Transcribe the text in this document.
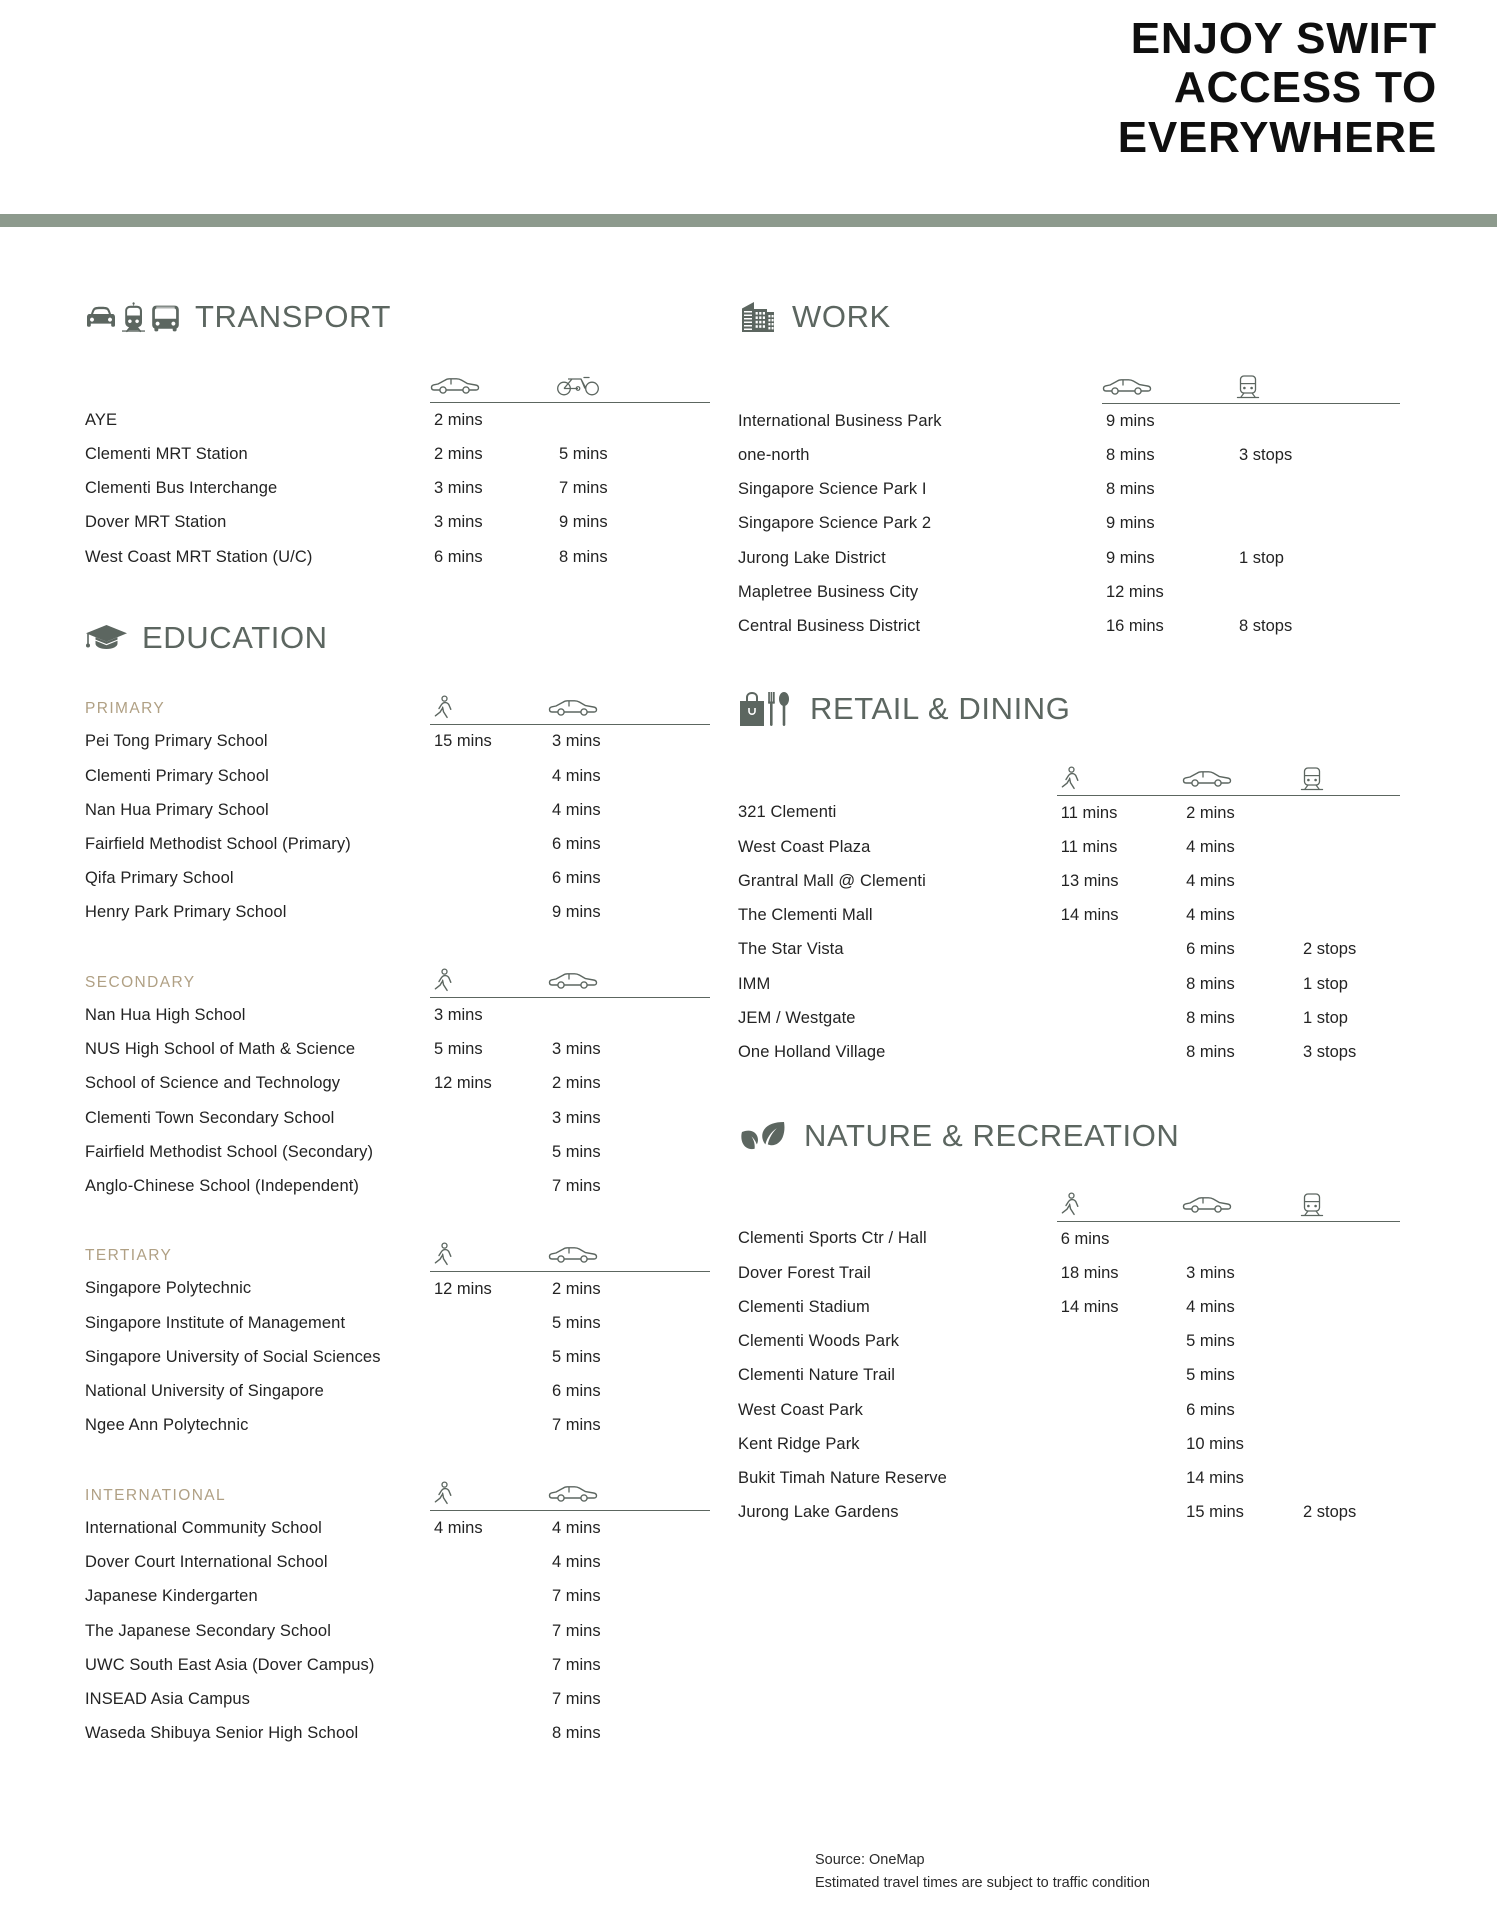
ENJOY SWIFT
ACCESS TO
EVERYWHERE
TRANSPORT

AYE	2 mins	
Clementi MRT Station	2 mins	5 mins
Clementi Bus Interchange	3 mins	7 mins
Dover MRT Station	3 mins	9 mins
West Coast MRT Station (U/C)	6 mins	8 mins
EDUCATION
PRIMARY	

Pei Tong Primary School	15 mins	3 mins
Clementi Primary School		4 mins
Nan Hua Primary School		4 mins
Fairfield Methodist School (Primary)		6 mins
Qifa Primary School		6 mins
Henry Park Primary School		9 mins

SECONDARY	

Nan Hua High School	3 mins	
NUS High School of Math & Science	5 mins	3 mins
School of Science and Technology	12 mins	2 mins
Clementi Town Secondary School		3 mins
Fairfield Methodist School (Secondary)		5 mins
Anglo-Chinese School (Independent)		7 mins

TERTIARY	

Singapore Polytechnic	12 mins	2 mins
Singapore Institute of Management		5 mins
Singapore University of Social Sciences		5 mins
National University of Singapore		6 mins
Ngee Ann Polytechnic		7 mins

INTERNATIONAL	

International Community School	4 mins	4 mins
Dover Court International School		4 mins
Japanese Kindergarten		7 mins
The Japanese Secondary School		7 mins
UWC South East Asia (Dover Campus)		7 mins
INSEAD Asia Campus		7 mins
Waseda Shibuya Senior High School		8 mins
WORK

International Business Park	9 mins	
one-north	8 mins	3 stops
Singapore Science Park I	8 mins	
Singapore Science Park 2	9 mins	
Jurong Lake District	9 mins	1 stop
Mapletree Business City	12 mins	
Central Business District	16 mins	8 stops
RETAIL & DINING

321 Clementi	11 mins	2 mins	
West Coast Plaza	11 mins	4 mins	
Grantral Mall @ Clementi	13 mins	4 mins	
The Clementi Mall	14 mins	4 mins	
The Star Vista		6 mins	2 stops
IMM		8 mins	1 stop
JEM / Westgate		8 mins	1 stop
One Holland Village		8 mins	3 stops
NATURE & RECREATION

Clementi Sports Ctr / Hall	6 mins		
Dover Forest Trail	18 mins	3 mins	
Clementi Stadium	14 mins	4 mins	
Clementi Woods Park		5 mins	
Clementi Nature Trail		5 mins	
West Coast Park		6 mins	
Kent Ridge Park		10 mins	
Bukit Timah Nature Reserve		14 mins	
Jurong Lake Gardens		15 mins	2 stops
Source: OneMap
Estimated travel times are subject to traffic condition
